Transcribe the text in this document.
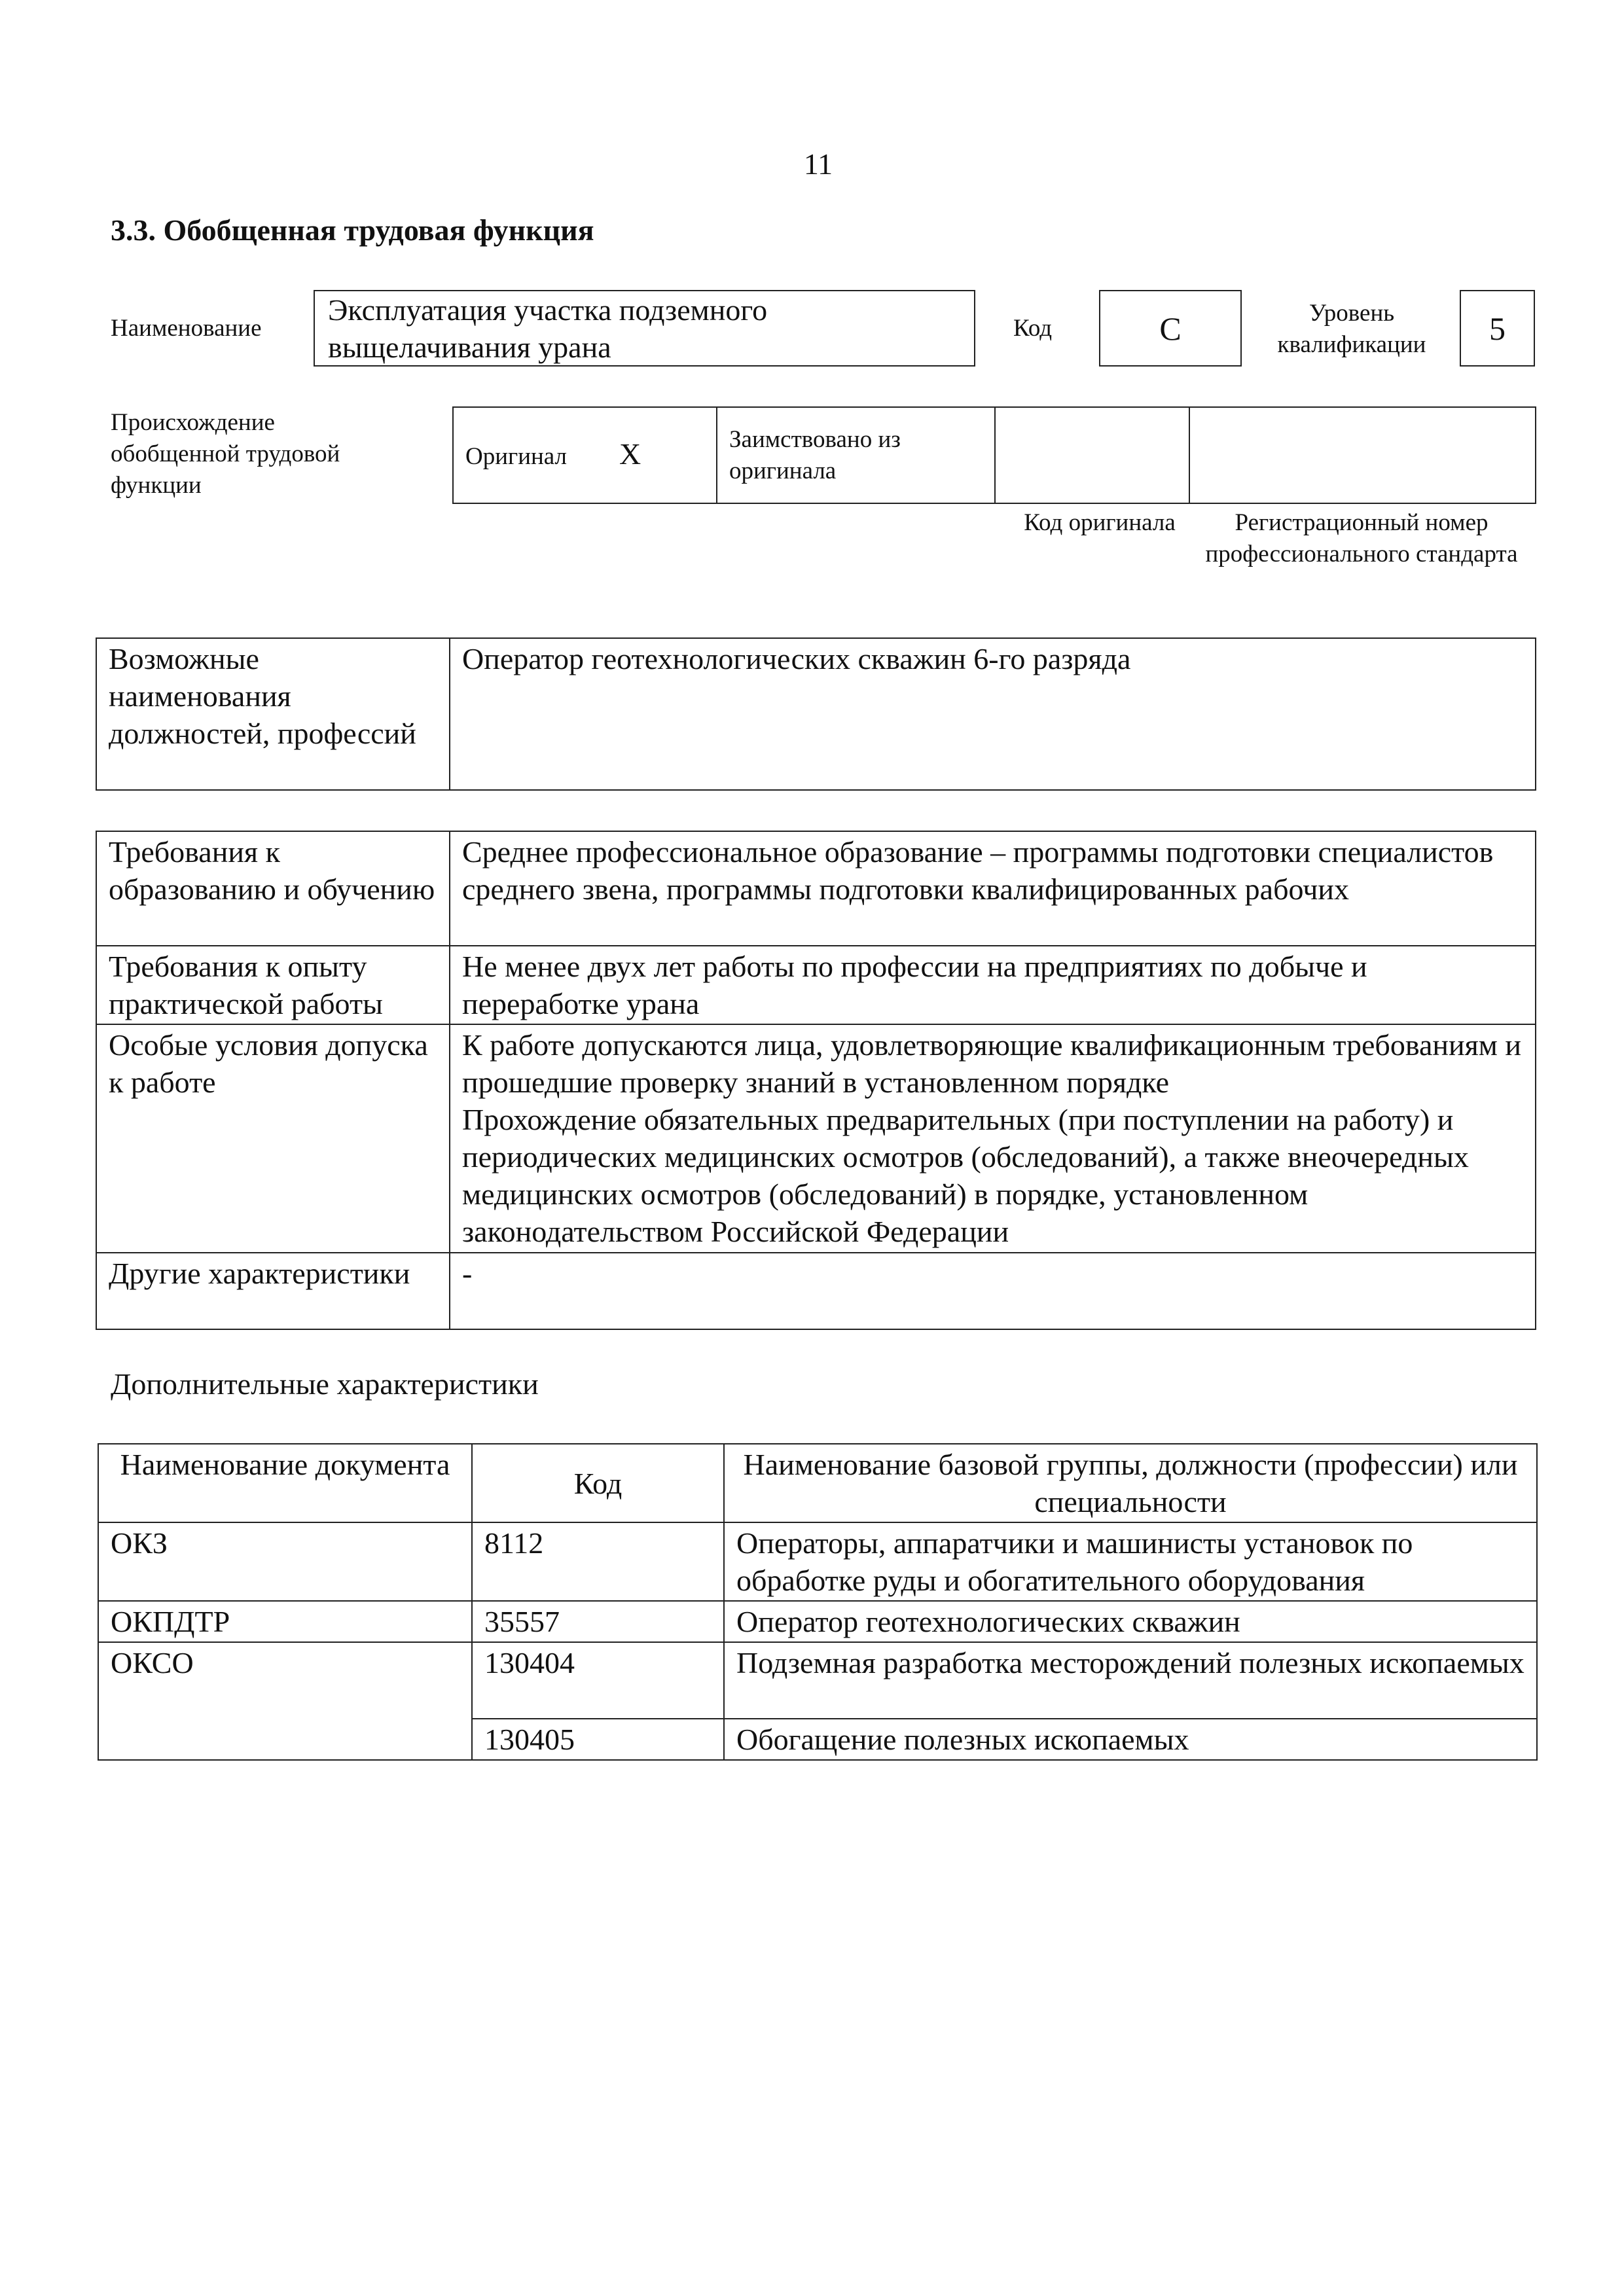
11
3.3. Обобщенная трудовая функция
Наименование
Эксплуатация участка подземного выщелачивания урана
Код	C	Уровень квалификации	5
Происхождение обобщенной трудовой функции
Оригинал X	Заимствовано из оригинала		
Код оригинала	Регистрационный номер профессионального стандарта
Возможные наименования должностей, профессий	Оператор геотехнологических скважин 6-го разряда
Требования к образованию и обучению	Среднее профессиональное образование – программы подготовки специалистов среднего звена, программы подготовки квалифицированных рабочих
Требования к опыту практической работы	Не менее двух лет работы по профессии на предприятиях по добыче и переработке урана
Особые условия допуска к работе	К работе допускаются лица, удовлетворяющие квалификационным требованиям и прошедшие проверку знаний в установленном порядке
Прохождение обязательных предварительных (при поступлении на работу) и периодических медицинских осмотров (обследований), а также внеочередных медицинских осмотров (обследований) в порядке, установленном законодательством Российской Федерации

Другие характеристики	-
Дополнительные характеристики
Наименование документа	Код	Наименование базовой группы, должности (профессии) или специальности
ОКЗ	8112	Операторы, аппаратчики и машинисты установок по обработке руды и обогатительного оборудования
ОКПДТР	35557	Оператор геотехнологических скважин
ОКСО	130404	Подземная разработка месторождений полезных ископаемых
	130405	Обогащение полезных ископаемых
